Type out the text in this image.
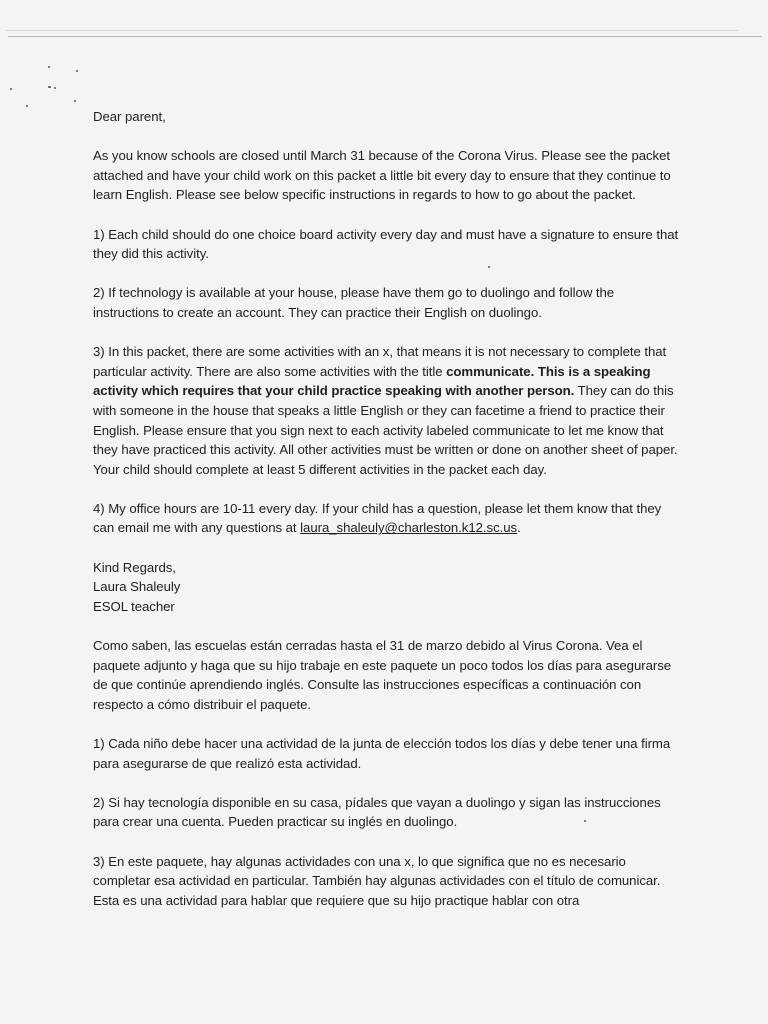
Dear parent,

As you know schools are closed until March 31 because of the Corona Virus. Please see the packet attached and have your child work on this packet a little bit every day to ensure that they continue to learn English. Please see below specific instructions in regards to how to go about the packet.

1) Each child should do one choice board activity every day and must have a signature to ensure that they did this activity.

2) If technology is available at your house, please have them go to duolingo and follow the instructions to create an account. They can practice their English on duolingo.

3) In this packet, there are some activities with an x, that means it is not necessary to complete that particular activity. There are also some activities with the title communicate. This is a speaking activity which requires that your child practice speaking with another person. They can do this with someone in the house that speaks a little English or they can facetime a friend to practice their English. Please ensure that you sign next to each activity labeled communicate to let me know that they have practiced this activity. All other activities must be written or done on another sheet of paper. Your child should complete at least 5 different activities in the packet each day.

4) My office hours are 10-11 every day. If your child has a question, please let them know that they can email me with any questions at laura_shaleuly@charleston.k12.sc.us.

Kind Regards,

Laura Shaleuly

ESOL teacher

Como saben, las escuelas están cerradas hasta el 31 de marzo debido al Virus Corona. Vea el paquete adjunto y haga que su hijo trabaje en este paquete un poco todos los días para asegurarse de que continúe aprendiendo inglés. Consulte las instrucciones específicas a continuación con respecto a cómo distribuir el paquete.

1) Cada niño debe hacer una actividad de la junta de elección todos los días y debe tener una firma para asegurarse de que realizó esta actividad.

2) Si hay tecnología disponible en su casa, pídales que vayan a duolingo y sigan las instrucciones para crear una cuenta. Pueden practicar su inglés en duolingo.

3) En este paquete, hay algunas actividades con una x, lo que significa que no es necesario completar esa actividad en particular. También hay algunas actividades con el título de comunicar. Esta es una actividad para hablar que requiere que su hijo practique hablar con otra
